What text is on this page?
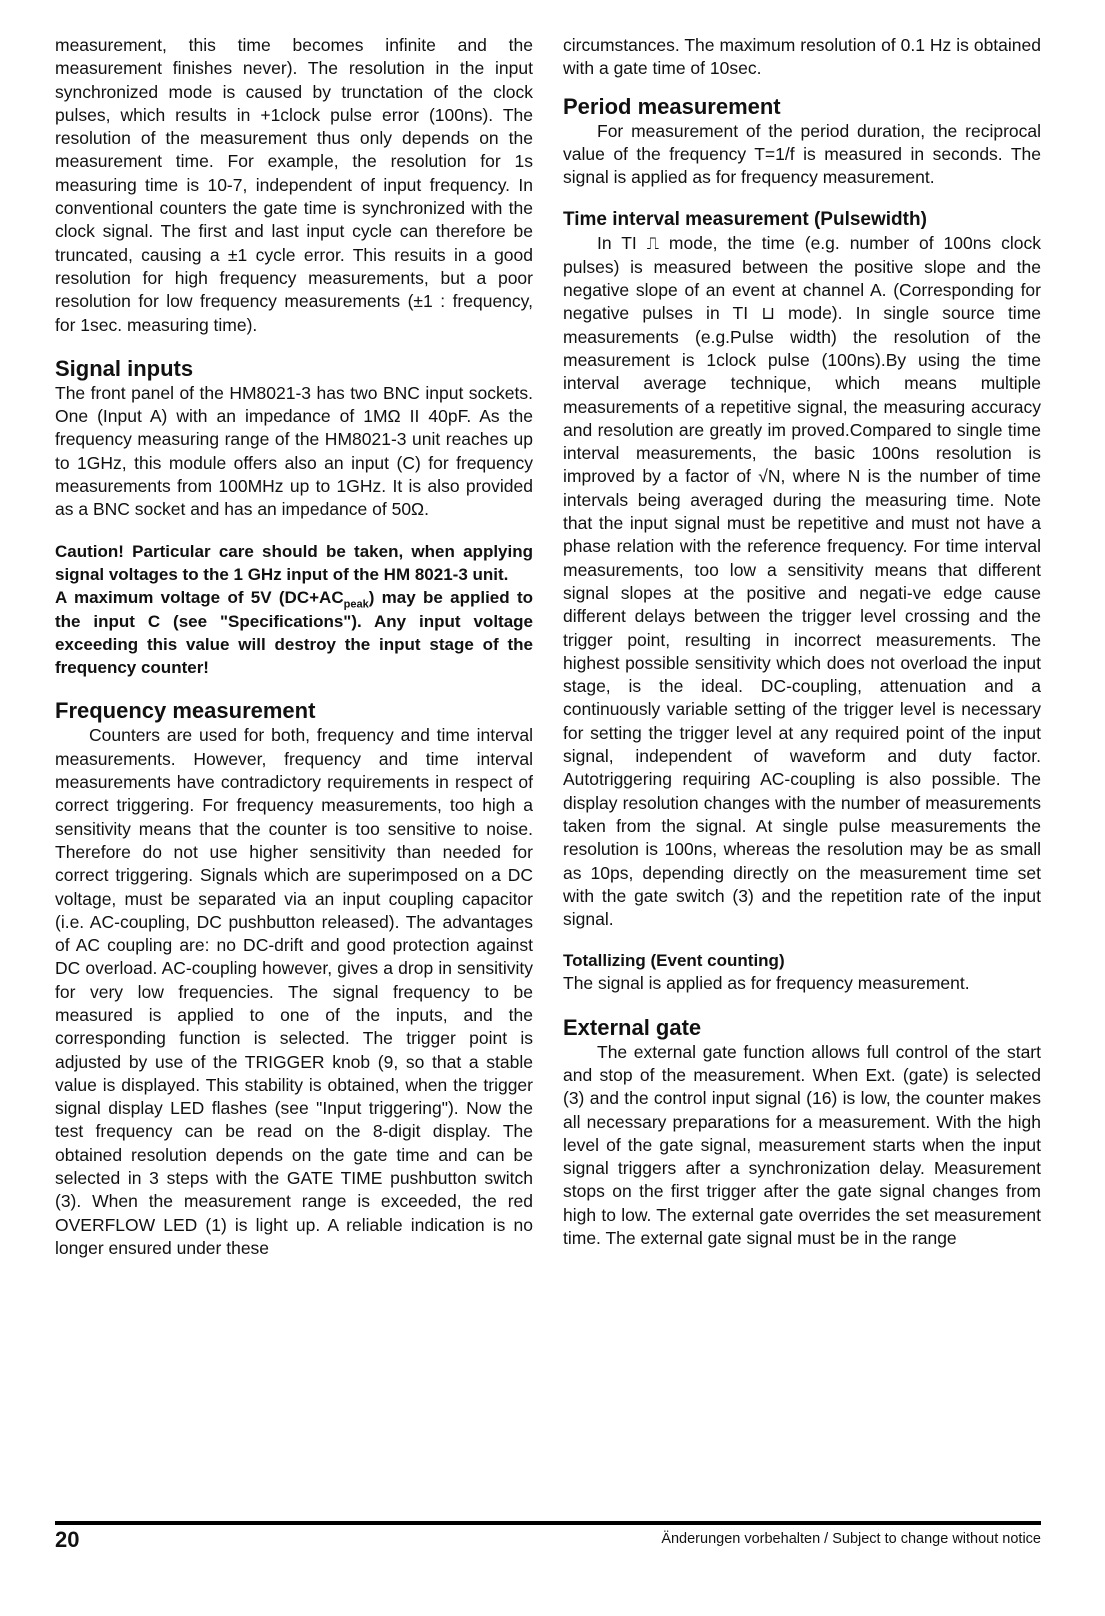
measurement, this time becomes infinite and the measurement finishes never). The resolution in the input synchronized mode is caused by trunctation of the clock pulses, which results in +1clock pulse error (100ns). The resolution of the measurement thus only depends on the measurement time. For example, the resolution for 1s measuring time is 10-7, independent of input frequency. In conventional counters the gate time is synchronized with the clock signal. The first and last input cycle can therefore be truncated, causing a ±1 cycle error. This resuits in a good resolution for high frequency measurements, but a poor resolution for low frequency measurements (±1 : frequency, for 1sec. measuring time).

Signal inputs

The front panel of the HM8021-3 has two BNC input sockets. One (Input A) with an impedance of 1MΩ II 40pF. As the frequency measuring range of the HM8021-3 unit reaches up to 1GHz, this module offers also an input (C) for frequency measurements from 100MHz up to 1GHz. It is also provided as a BNC socket and has an impedance of 50Ω.

Caution! Particular care should be taken, when applying signal voltages to the 1 GHz input of the HM 8021-3 unit.

A maximum voltage of 5V $(DC+AC_{peak})$ may be applied to the input C (see "Specifications"). Any input voltage exceeding this value will destroy the input stage of the frequency counter!

Frequency measurement

Counters are used for both, frequency and time interval measurements. However, frequency and time interval measurements have contradictory requirements in respect of correct triggering. For frequency measurements, too high a sensitivity means that the counter is too sensitive to noise. Therefore do not use higher sensitivity than needed for correct triggering. Signals which are superimposed on a DC voltage, must be separated via an input coupling capacitor (i.e. AC-coupling, DC pushbutton released). The advantages of AC coupling are: no DC-drift and good protection against DC overload. AC-coupling however, gives a drop in sensitivity for very low frequencies. The signal frequency to be measured is applied to one of the inputs, and the corresponding function is selected. The trigger point is adjusted by use of the TRIGGER knob (9, so that a stable value is displayed. This stability is obtained, when the trigger signal display LED flashes (see "Input triggering"). Now the test frequency can be read on the 8-digit display. The obtained resolution depends on the gate time and can be selected in 3 steps with the GATE TIME pushbutton switch (3). When the measurement range is exceeded, the red OVERFLOW LED (1) is light up. A reliable indication is no longer ensured under these

circumstances. The maximum resolution of 0.1 Hz is obtained with a gate time of 10sec.

Period measurement

For measurement of the period duration, the reciprocal value of the frequency T=1/f is measured in seconds. The signal is applied as for frequency measurement.

Time interval measurement (Pulsewidth)

In TI ⎍ mode, the time (e.g. number of 100ns clock pulses) is measured between the positive slope and the negative slope of an event at channel A. (Corresponding for negative pulses in TI ⊔ mode). In single source time measurements (e.g.Pulse width) the resolution of the measurement is 1clock pulse (100ns).By using the time interval average technique, which means multiple measurements of a repetitive signal, the measuring accuracy and resolution are greatly im proved.Compared to single time interval measurements, the basic 100ns resolution is improved by a factor of √N, where N is the number of time intervals being averaged during the measuring time. Note that the input signal must be repetitive and must not have a phase relation with the reference frequency. For time interval measurements, too low a sensitivity means that different signal slopes at the positive and negati-ve edge cause different delays between the trigger level crossing and the trigger point, resulting in incorrect measurements. The highest possible sensitivity which does not overload the input stage, is the ideal. DC-coupling, attenuation and a continuously variable setting of the trigger level is necessary for setting the trigger level at any required point of the input signal, independent of waveform and duty factor. Autotriggering requiring AC-coupling is also possible. The display resolution changes with the number of measurements taken from the signal. At single pulse measurements the resolution is 100ns, whereas the resolution may be as small as 10ps, depending directly on the measurement time set with the gate switch (3) and the repetition rate of the input signal.

Totallizing (Event counting)

The signal is applied as for frequency measurement.

External gate

The external gate function allows full control of the start and stop of the measurement. When Ext. (gate) is selected (3) and the control input signal (16) is low, the counter makes all necessary preparations for a measurement. With the high level of the gate signal, measurement starts when the input signal triggers after a synchronization delay. Measurement stops on the first trigger after the gate signal changes from high to low. The external gate overrides the set measurement time. The external gate signal must be in the range

20	Änderungen vorbehalten / Subject to change without notice
